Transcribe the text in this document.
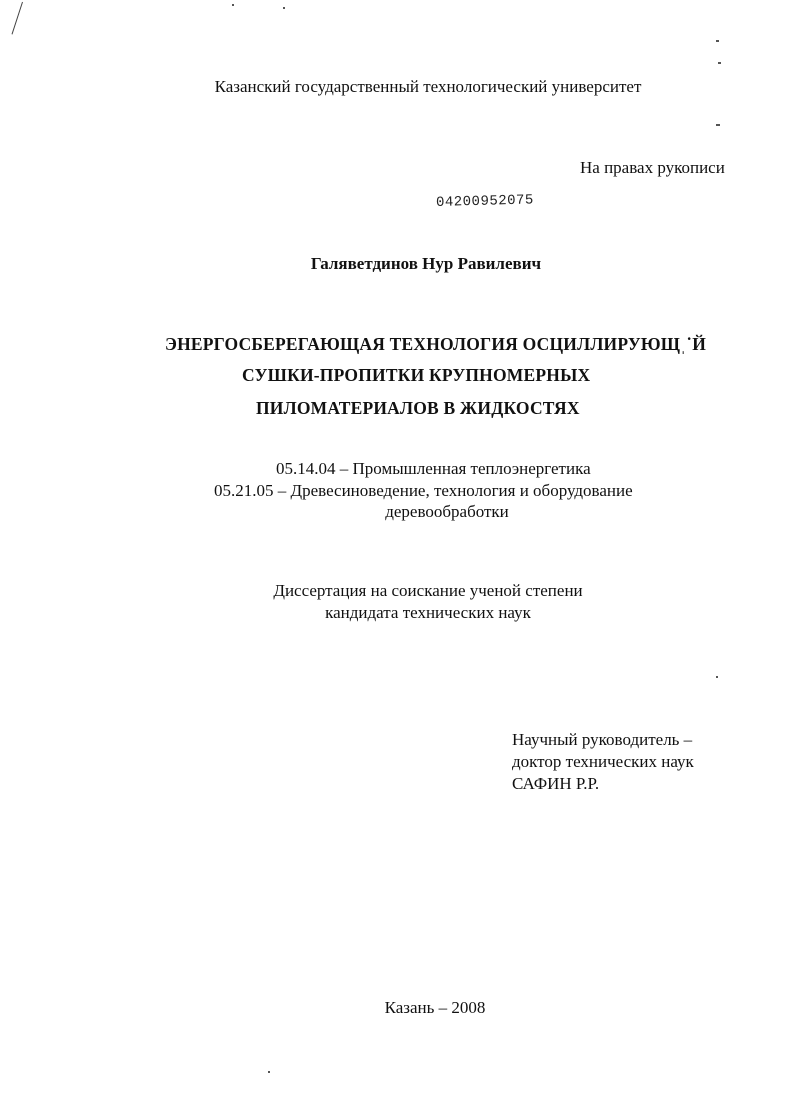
Казанский государственный технологический университет
На правах рукописи
04200952075
Галяветдинов Нур Равилевич
ЭНЕРГОСБЕРЕГАЮЩАЯ ТЕХНОЛОГИЯ ОСЦИЛЛИРУЮЩˌ˙Й
СУШКИ-ПРОПИТКИ КРУПНОМЕРНЫХ
ПИЛОМАТЕРИАЛОВ В ЖИДКОСТЯХ
05.14.04 – Промышленная теплоэнергетика
05.21.05 – Древесиноведение, технология и оборудование
деревообработки
Диссертация на соискание ученой степени
кандидата технических наук
Научный руководитель –
доктор технических наук
САФИН Р.Р.
Казань – 2008
